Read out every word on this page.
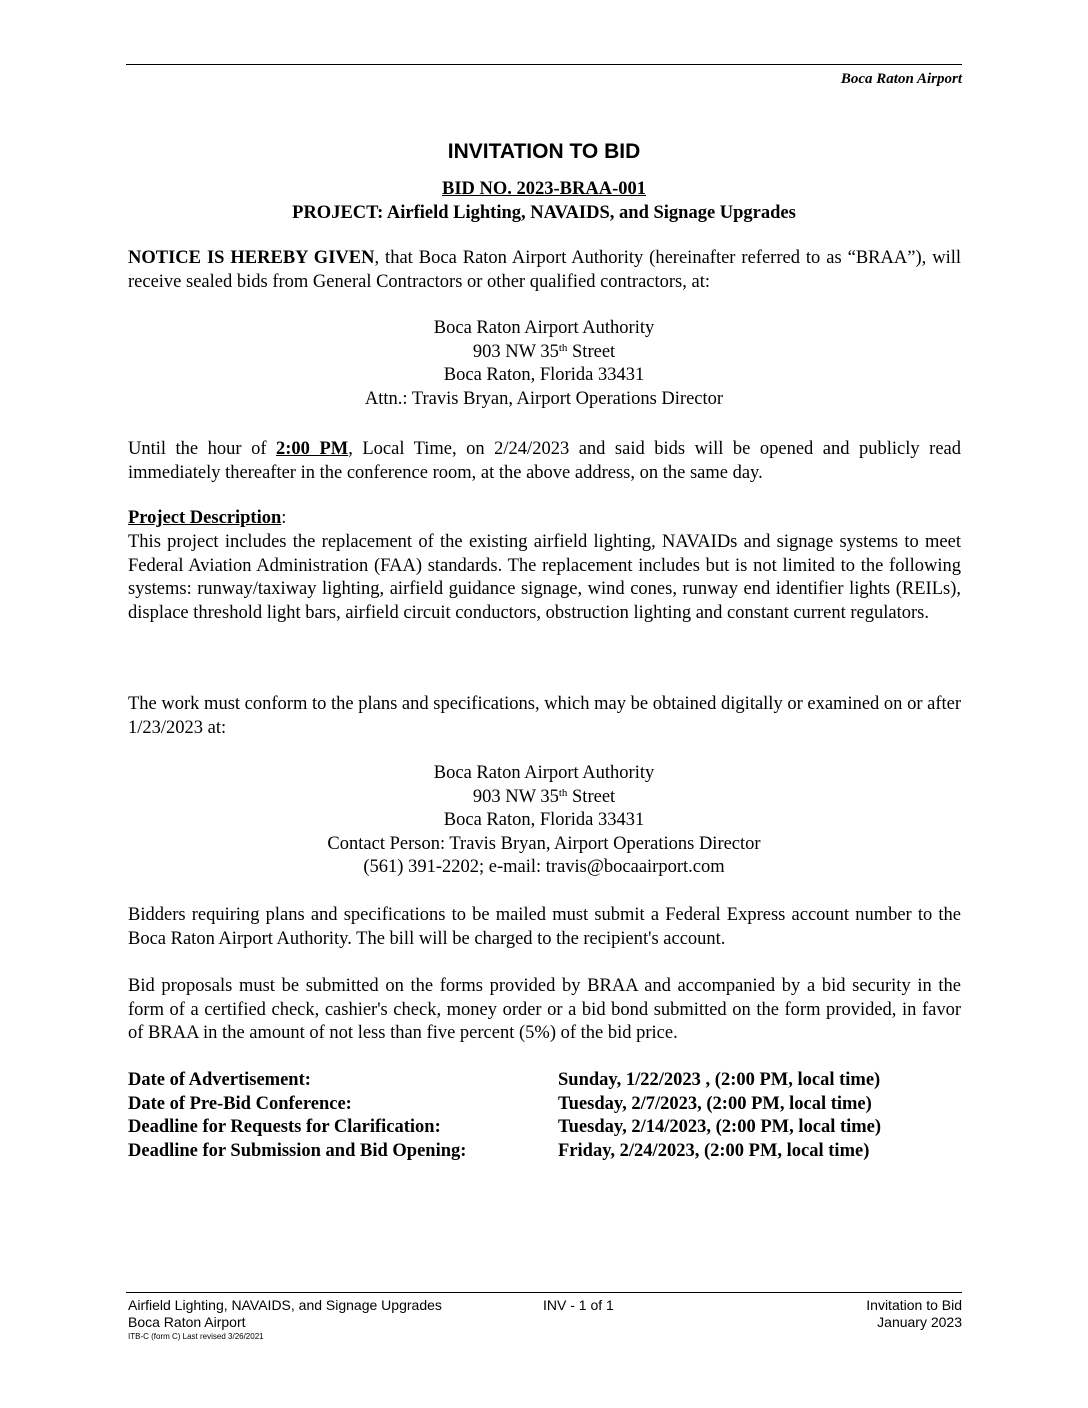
Boca Raton Airport
INVITATION TO BID
BID NO. 2023-BRAA-001
PROJECT: Airfield Lighting, NAVAIDS, and Signage Upgrades
NOTICE IS HEREBY GIVEN, that Boca Raton Airport Authority (hereinafter referred to as “BRAA”), will receive sealed bids from General Contractors or other qualified contractors, at:
Boca Raton Airport Authority
903 NW 35th Street
Boca Raton, Florida 33431
Attn.: Travis Bryan, Airport Operations Director
Until the hour of 2:00 PM, Local Time, on 2/24/2023 and said bids will be opened and publicly read immediately thereafter in the conference room, at the above address, on the same day.
Project Description:
This project includes the replacement of the existing airfield lighting, NAVAIDs and signage systems to meet Federal Aviation Administration (FAA) standards. The replacement includes but is not limited to the following systems: runway/taxiway lighting, airfield guidance signage, wind cones, runway end identifier lights (REILs), displace threshold light bars, airfield circuit conductors, obstruction lighting and constant current regulators.
The work must conform to the plans and specifications, which may be obtained digitally or examined on or after 1/23/2023 at:
Boca Raton Airport Authority
903 NW 35th Street
Boca Raton, Florida 33431
Contact Person: Travis Bryan, Airport Operations Director
(561) 391-2202; e-mail: travis@bocaairport.com
Bidders requiring plans and specifications to be mailed must submit a Federal Express account number to the Boca Raton Airport Authority. The bill will be charged to the recipient's account.
Bid proposals must be submitted on the forms provided by BRAA and accompanied by a bid security in the form of a certified check, cashier's check, money order or a bid bond submitted on the form provided, in favor of BRAA in the amount of not less than five percent (5%) of the bid price.
Date of Advertisement:	Sunday, 1/22/2023 , (2:00 PM, local time)
Date of Pre-Bid Conference:	Tuesday, 2/7/2023, (2:00 PM, local time)
Deadline for Requests for Clarification:	Tuesday, 2/14/2023, (2:00 PM, local time)
Deadline for Submission and Bid Opening:	Friday, 2/24/2023, (2:00 PM, local time)
Airfield Lighting, NAVAIDS, and Signage Upgrades
Boca Raton Airport
ITB-C (form C) Last revised 3/26/2021
INV - 1 of 1	Invitation to Bid
January 2023
